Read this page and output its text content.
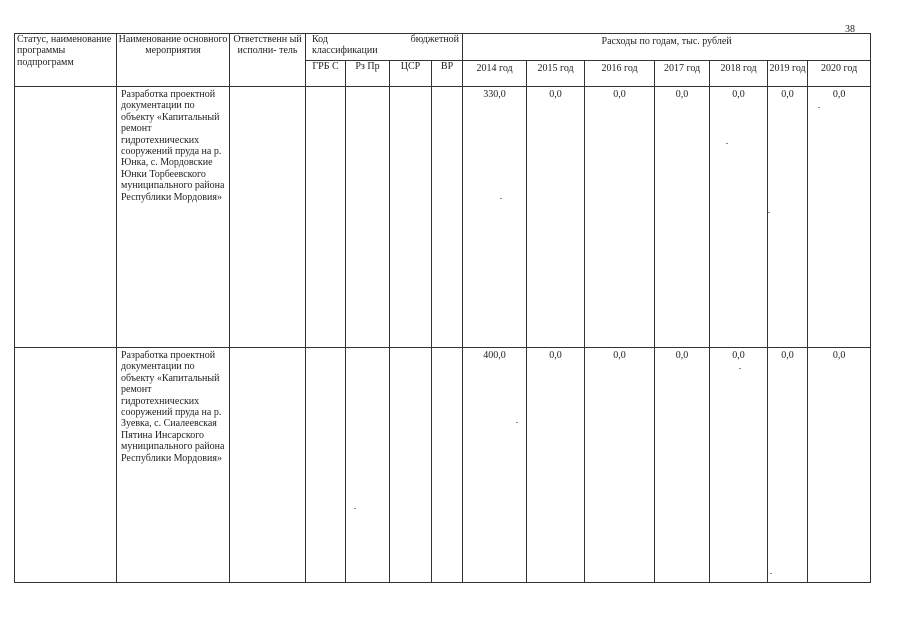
38
Статус, наименование программы подпрограмм	Наименование основного мероприятия	Ответственн ый исполни- тель	Код бюджетной
классификации				Расходы по годам, тыс. рублей						
			ГРБ С	Рз Пр	ЦСР	ВР	2014 год	2015 год	2016 год	2017 год	2018 год	2019 год	2020 год
	Разработка проектной документации по объекту «Капитальный ремонт гидротехнических сооружений пруда на р. Юнка, с. Мордовские Юнки Торбеевского муниципального района Республики Мордовия»						330,0	0,0	0,0	0,0	0,0	0,0	0,0
	Разработка проектной документации по объекту «Капитальный ремонт гидротехнических сооружений пруда на р. Зуевка, с. Сиалеевская Пятина Инсарского муниципального района Республики Мордовия»						400,0	0,0	0,0	0,0	0,0	0,0	0,0
